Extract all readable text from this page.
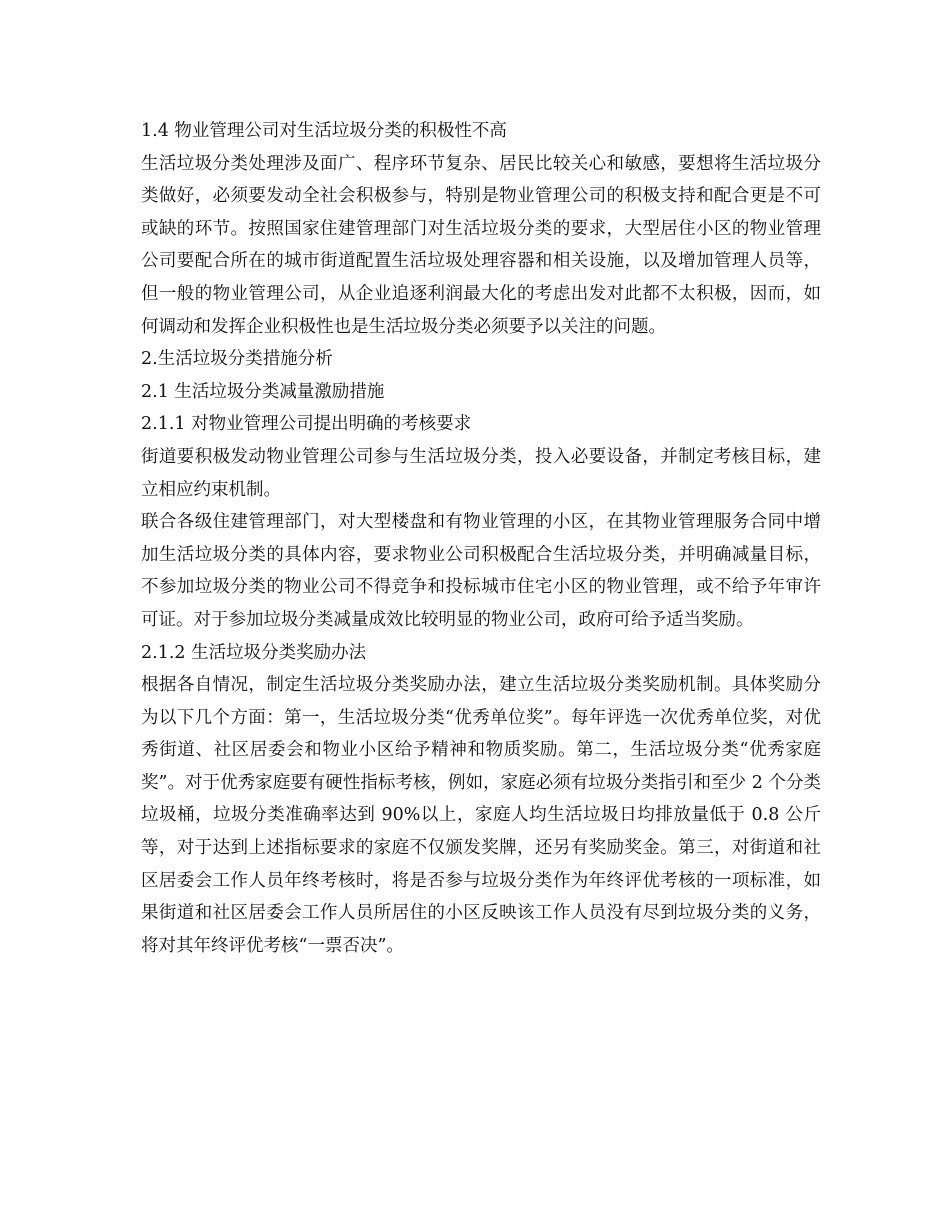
1.4 物业管理公司对生活垃圾分类的积极性不高

生活垃圾分类处理涉及面广、程序环节复杂、居民比较关心和敏感，要想将生活垃圾分类做好，必须要发动全社会积极参与，特别是物业管理公司的积极支持和配合更是不可或缺的环节。按照国家住建管理部门对生活垃圾分类的要求，大型居住小区的物业管理公司要配合所在的城市街道配置生活垃圾处理容器和相关设施，以及增加管理人员等，但一般的物业管理公司，从企业追逐利润最大化的考虑出发对此都不太积极，因而，如何调动和发挥企业积极性也是生活垃圾分类必须要予以关注的问题。

2.生活垃圾分类措施分析

2.1 生活垃圾分类减量激励措施

2.1.1 对物业管理公司提出明确的考核要求

街道要积极发动物业管理公司参与生活垃圾分类，投入必要设备，并制定考核目标，建立相应约束机制。

联合各级住建管理部门，对大型楼盘和有物业管理的小区，在其物业管理服务合同中增加生活垃圾分类的具体内容，要求物业公司积极配合生活垃圾分类，并明确减量目标，不参加垃圾分类的物业公司不得竞争和投标城市住宅小区的物业管理，或不给予年审许可证。对于参加垃圾分类减量成效比较明显的物业公司，政府可给予适当奖励。

2.1.2 生活垃圾分类奖励办法

根据各自情况，制定生活垃圾分类奖励办法，建立生活垃圾分类奖励机制。具体奖励分为以下几个方面：第一，生活垃圾分类“优秀单位奖”。每年评选一次优秀单位奖，对优秀街道、社区居委会和物业小区给予精神和物质奖励。第二，生活垃圾分类“优秀家庭奖”。对于优秀家庭要有硬性指标考核，例如，家庭必须有垃圾分类指引和至少 2 个分类垃圾桶，垃圾分类准确率达到 90%以上，家庭人均生活垃圾日均排放量低于 0.8 公斤等，对于达到上述指标要求的家庭不仅颁发奖牌，还另有奖励奖金。第三，对街道和社区居委会工作人员年终考核时，将是否参与垃圾分类作为年终评优考核的一项标准，如果街道和社区居委会工作人员所居住的小区反映该工作人员没有尽到垃圾分类的义务，将对其年终评优考核“一票否决”。
